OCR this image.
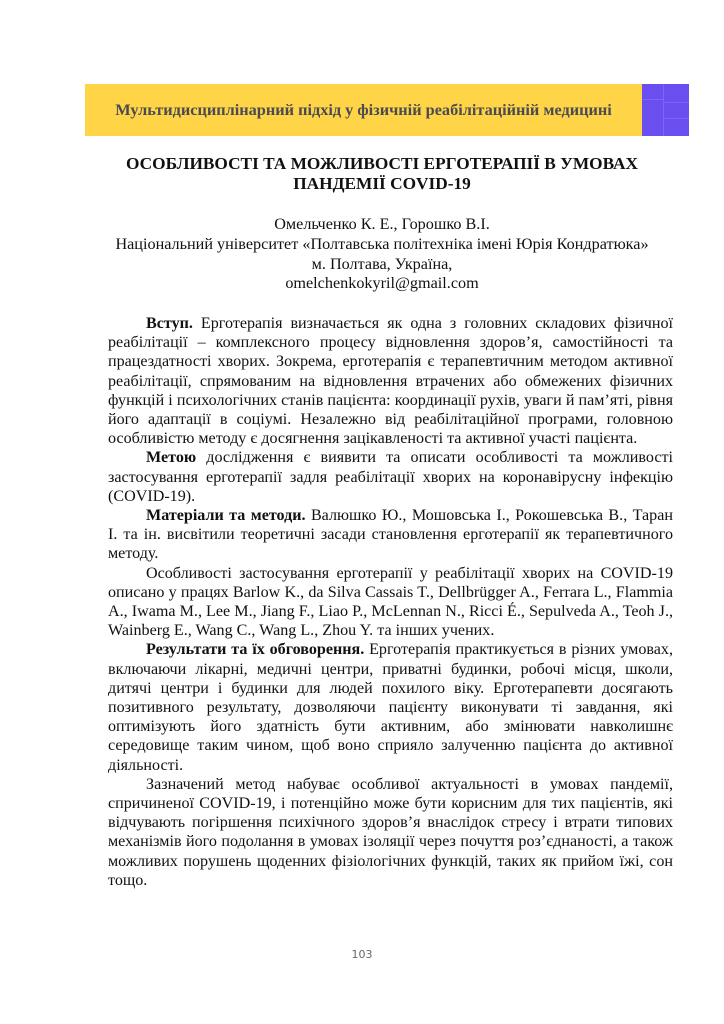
Мультидисциплінарний підхід у фізичній реабілітаційній медицині
ОСОБЛИВОСТІ ТА МОЖЛИВОСТІ ЕРГОТЕРАПІЇ В УМОВАХ
ПАНДЕМІЇ COVID-19
Омельченко К. Е., Горошко В.І.
Національний університет «Полтавська політехніка імені Юрія Кондратюка»
м. Полтава, Україна,
omelchenkokyril@gmail.com

Вступ. Ерготерапія визначається як одна з головних складових фізичної реабілітації – комплексного процесу відновлення здоров’я, самостійності та працездатності хворих. Зокрема, ерготерапія є терапевтичним методом активної реабілітації, спрямованим на відновлення втрачених або обмежених фізичних функцій і психологічних станів пацієнта: координації рухів, уваги й пам’яті, рівня його адаптації в соціумі. Незалежно від реабілітаційної програми, головною особливістю методу є досягнення зацікавленості та активної участі пацієнта.

Метою дослідження є виявити та описати особливості та можливості застосування ерготерапії задля реабілітації хворих на коронавірусну інфекцію (COVID-19).

Матеріали та методи. Валюшко Ю., Мошовська І., Рокошевська В., Таран І. та ін. висвітили теоретичні засади становлення ерготерапії як терапевтичного методу.

Особливості застосування ерготерапії у реабілітації хворих на COVID-19 описано у працях Barlow K., da Silva Cassais T., Dellbrügger A., Ferrara L., Flammia A., Iwama M., Lee M., Jiang F., Liao P., McLennan N., Ricci É., Sepulveda A., Teoh J., Wainberg E., Wang C., Wang L., Zhou Y. та інших учених.

Результати та їх обговорення. Ерготерапія практикується в різних умовах, включаючи лікарні, медичні центри, приватні будинки, робочі місця, школи, дитячі центри і будинки для людей похилого віку. Ерготерапевти досягають позитивного результату, дозволяючи пацієнту виконувати ті завдання, які оптимізують його здатність бути активним, або змінювати навколишнє середовище таким чином, щоб воно сприяло залученню пацієнта до активної діяльності.

Зазначений метод набуває особливої актуальності в умовах пандемії, спричиненої COVID-19, і потенційно може бути корисним для тих пацієнтів, які відчувають погіршення психічного здоров’я внаслідок стресу і втрати типових механізмів його подолання в умовах ізоляції через почуття роз’єднаності, а також можливих порушень щоденних фізіологічних функцій, таких як прийом їжі, сон тощо.

103
